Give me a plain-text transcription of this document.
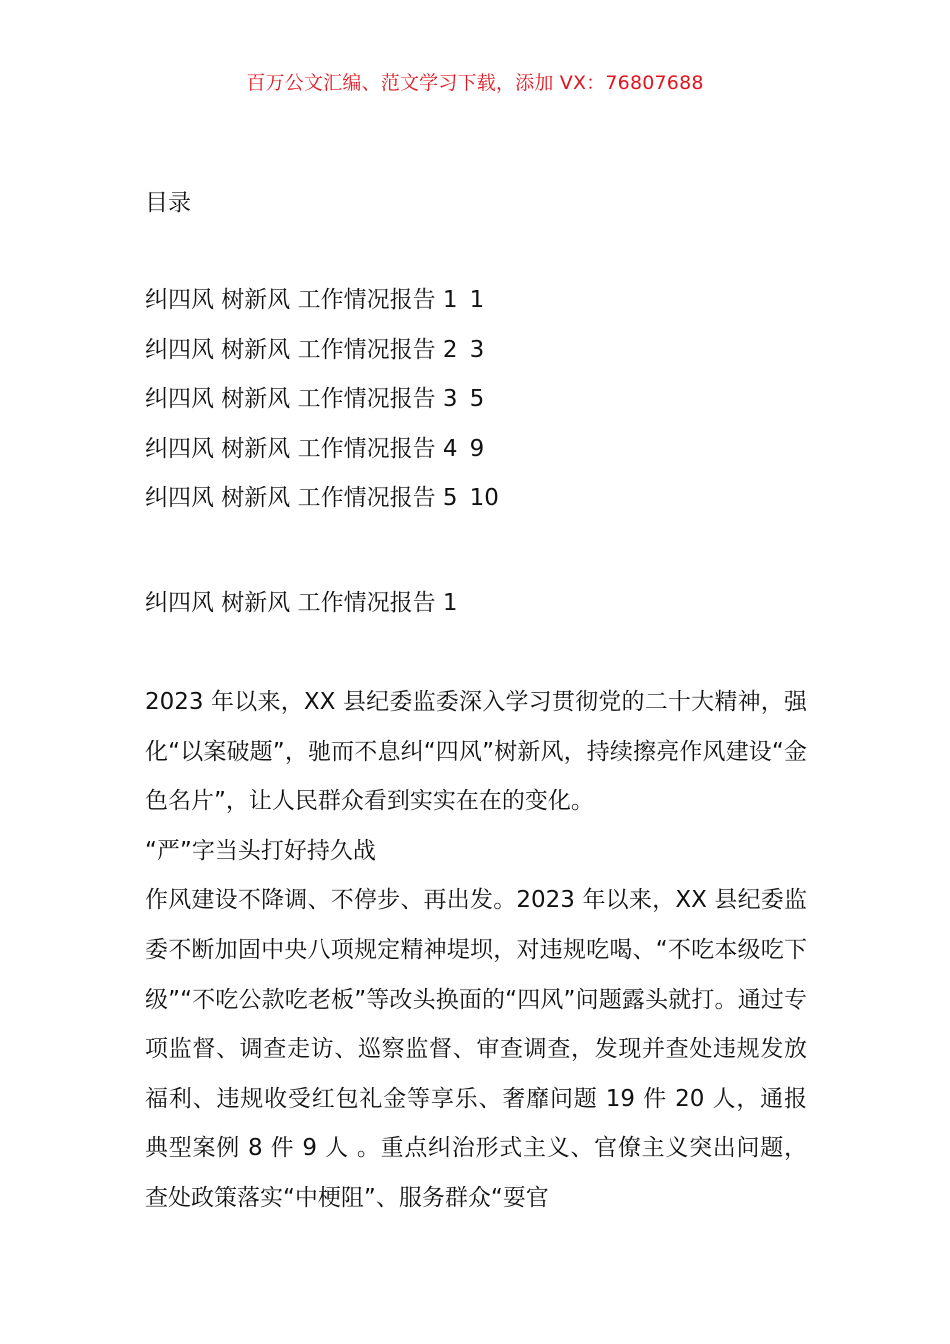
百万公文汇编、范文学习下载，添加 VX：76807688
目录
纠四风 树新风 工作情况报告 1 1
纠四风 树新风 工作情况报告 2 3
纠四风 树新风 工作情况报告 3 5
纠四风 树新风 工作情况报告 4 9
纠四风 树新风 工作情况报告 5 10
纠四风 树新风 工作情况报告 1

2023 年以来，XX 县纪委监委深入学习贯彻党的二十大精神，强化“以案破题”，驰而不息纠“四风”树新风，持续擦亮作风建设“金色名片”，让人民群众看到实实在在的变化。

“严”字当头打好持久战

作风建设不降调、不停步、再出发。2023 年以来，XX 县纪委监委不断加固中央八项规定精神堤坝，对违规吃喝、“不吃本级吃下级”“不吃公款吃老板”等改头换面的“四风”问题露头就打。通过专项监督、调查走访、巡察监督、审查调查，发现并查处违规发放福利、违规收受红包礼金等享乐、奢靡问题 19 件 20 人，通报典型案例 8 件 9 人 。重点纠治形式主义、官僚主义突出问题，查处政策落实“中梗阻”、服务群众“耍官
